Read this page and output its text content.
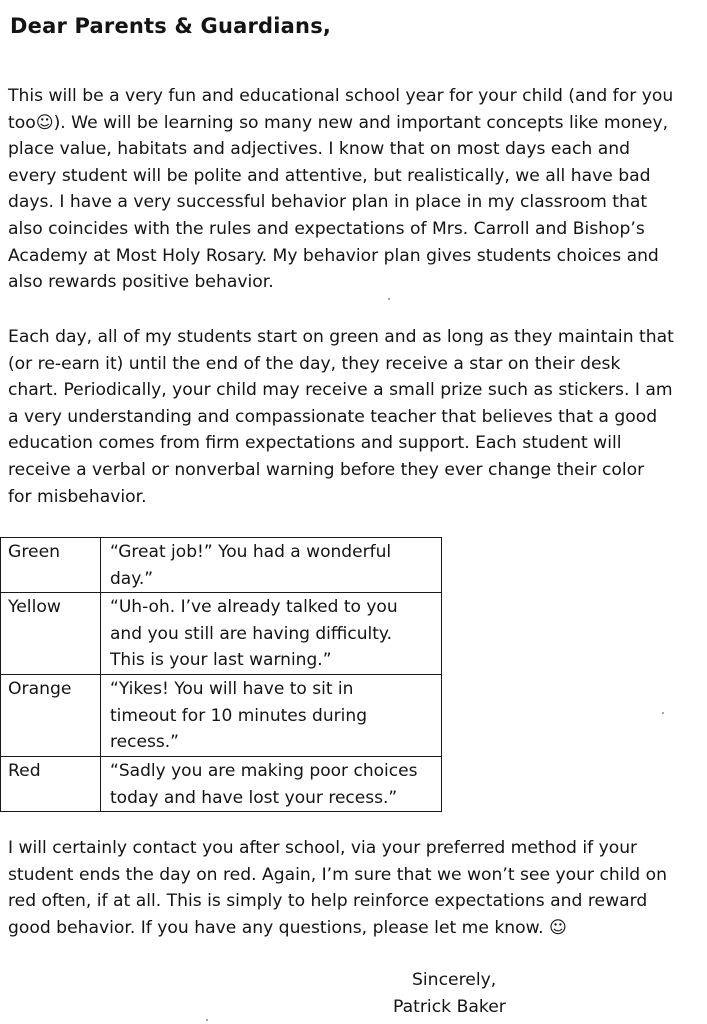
Dear Parents & Guardians,

This will be a very fun and educational school year for your child (and for you
too☺). We will be learning so many new and important concepts like money,
place value, habitats and adjectives. I know that on most days each and
every student will be polite and attentive, but realistically, we all have bad
days. I have a very successful behavior plan in place in my classroom that
also coincides with the rules and expectations of Mrs. Carroll and Bishop’s
Academy at Most Holy Rosary. My behavior plan gives students choices and
also rewards positive behavior.

Each day, all of my students start on green and as long as they maintain that
(or re-earn it) until the end of the day, they receive a star on their desk
chart. Periodically, your child may receive a small prize such as stickers. I am
a very understanding and compassionate teacher that believes that a good
education comes from firm expectations and support. Each student will
receive a verbal or nonverbal warning before they ever change their color
for misbehavior.

Green	“Great job!” You had a wonderful
day.”

Yellow	“Uh-oh. I’ve already talked to you
and you still are having difficulty.
This is your last warning.”

Orange	“Yikes! You will have to sit in
timeout for 10 minutes during
recess.”

Red	“Sadly you are making poor choices
today and have lost your recess.”

I will certainly contact you after school, via your preferred method if your
student ends the day on red. Again, I’m sure that we won’t see your child on
red often, if at all. This is simply to help reinforce expectations and reward
good behavior. If you have any questions, please let me know. ☺

Sincerely,

Patrick Baker
